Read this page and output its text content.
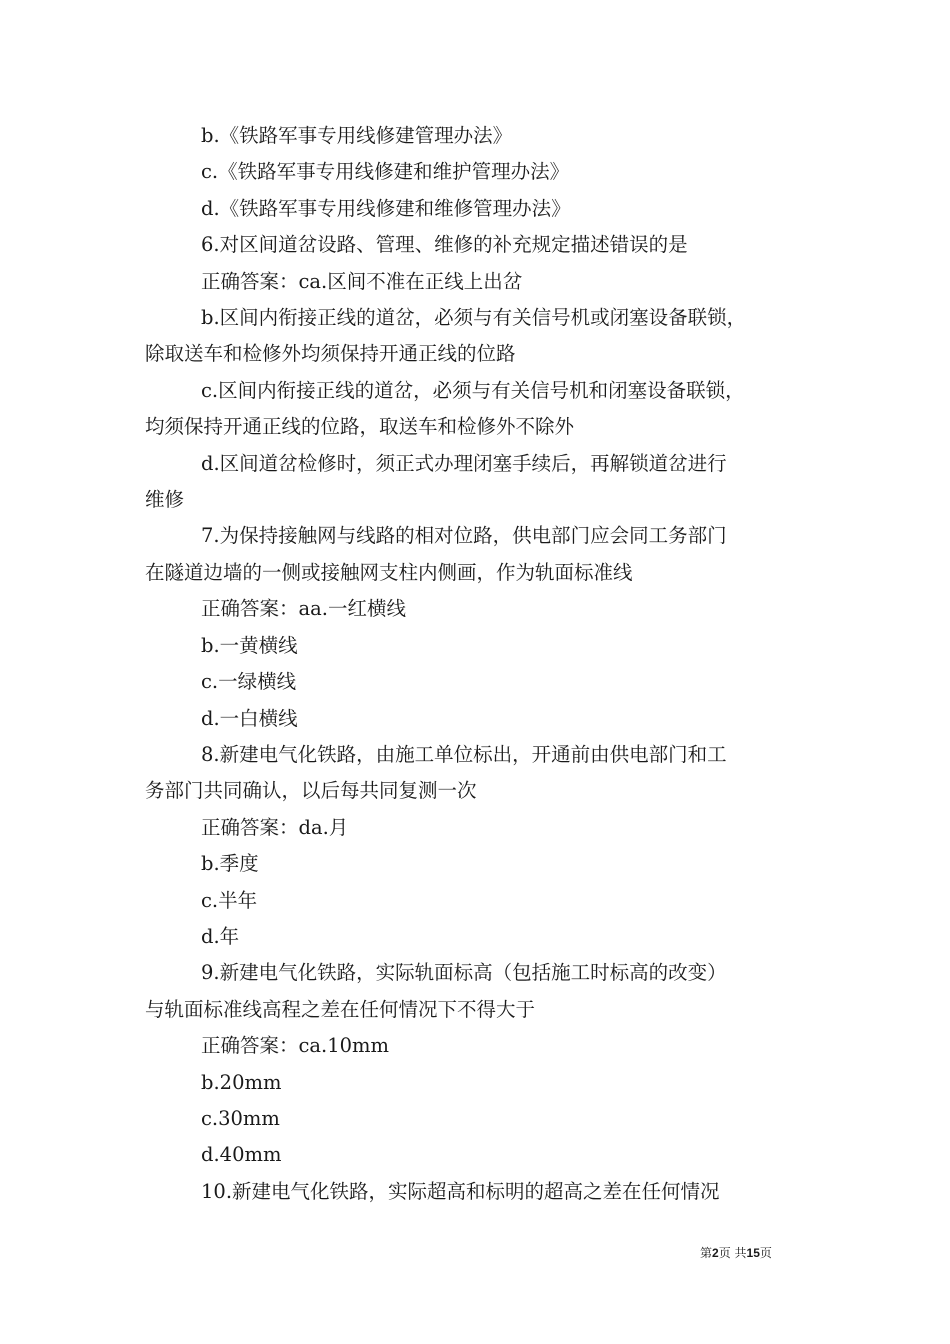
b.《铁路军事专用线修建管理办法》
c.《铁路军事专用线修建和维护管理办法》
d.《铁路军事专用线修建和维修管理办法》
6.对区间道岔设路、管理、维修的补充规定描述错误的是
正确答案：ca.区间不准在正线上出岔
b.区间内衔接正线的道岔，必须与有关信号机或闭塞设备联锁，
除取送车和检修外均须保持开通正线的位路
c.区间内衔接正线的道岔，必须与有关信号机和闭塞设备联锁，
均须保持开通正线的位路，取送车和检修外不除外
d.区间道岔检修时，须正式办理闭塞手续后，再解锁道岔进行
维修
7.为保持接触网与线路的相对位路，供电部门应会同工务部门
在隧道边墙的一侧或接触网支柱内侧画，作为轨面标准线
正确答案：aa.一红横线
b.一黄横线
c.一绿横线
d.一白横线
8.新建电气化铁路，由施工单位标出，开通前由供电部门和工
务部门共同确认，以后每共同复测一次
正确答案：da.月
b.季度
c.半年
d.年
9.新建电气化铁路，实际轨面标高（包括施工时标高的改变）
与轨面标准线高程之差在任何情况下不得大于
正确答案：ca.10mm
b.20mm
c.30mm
d.40mm
10.新建电气化铁路，实际超高和标明的超高之差在任何情况
第2页 共15页
